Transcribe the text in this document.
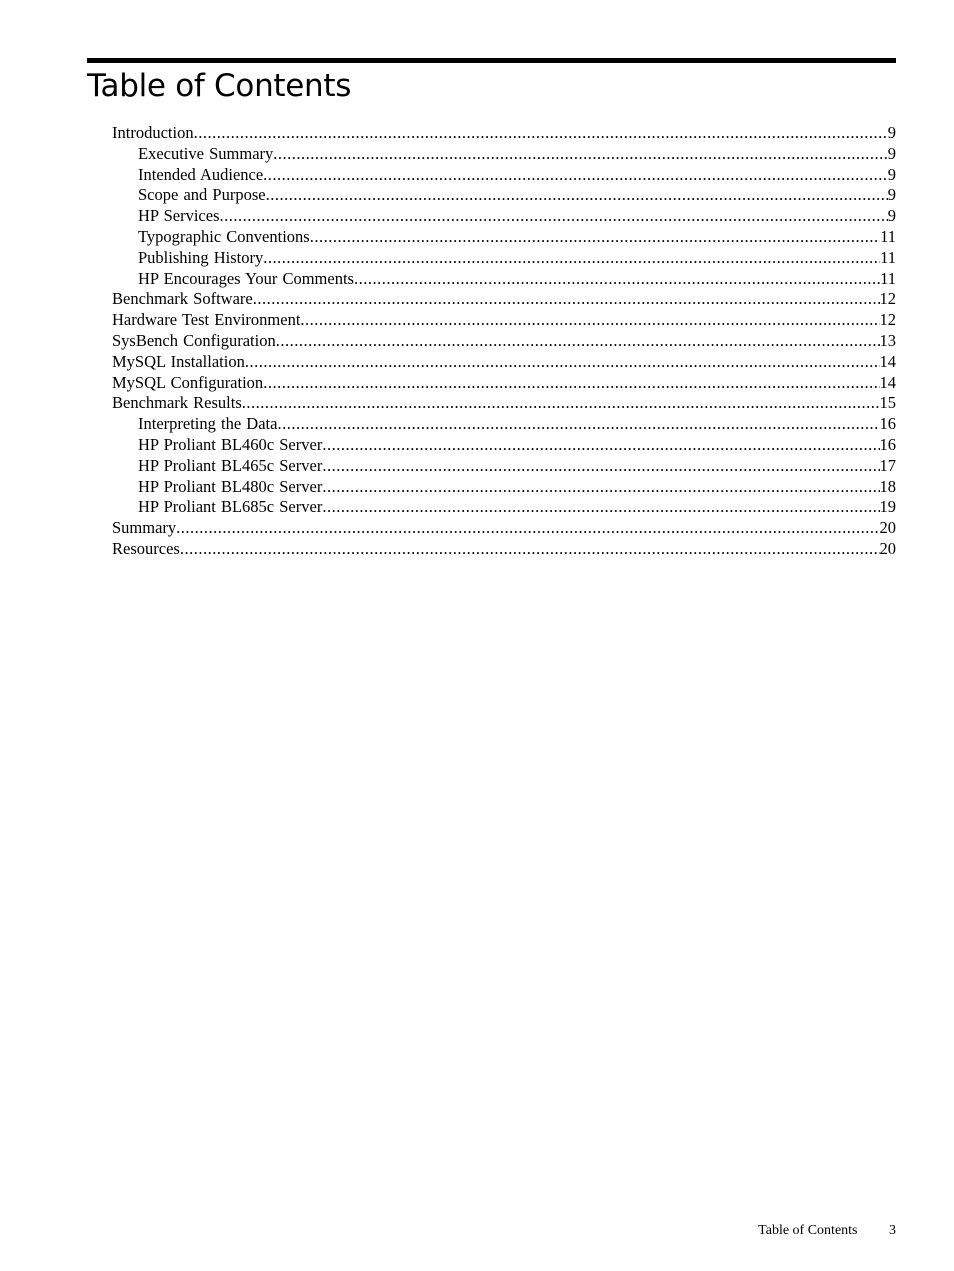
Table of Contents
Introduction .....	9
Executive Summary .....	9
Intended Audience .....	9
Scope and Purpose .....	9
HP Services .....	9
Typographic Conventions .....	11
Publishing History .....	11
HP Encourages Your Comments .....	11
Benchmark Software .....	12
Hardware Test Environment .....	12
SysBench Configuration .....	13
MySQL Installation .....	14
MySQL Configuration .....	14
Benchmark Results .....	15
Interpreting the Data .....	16
HP Proliant BL460c Server .....	16
HP Proliant BL465c Server .....	17
HP Proliant BL480c Server .....	18
HP Proliant BL685c Server .....	19
Summary .....	20
Resources .....	20
Table of Contents 3
